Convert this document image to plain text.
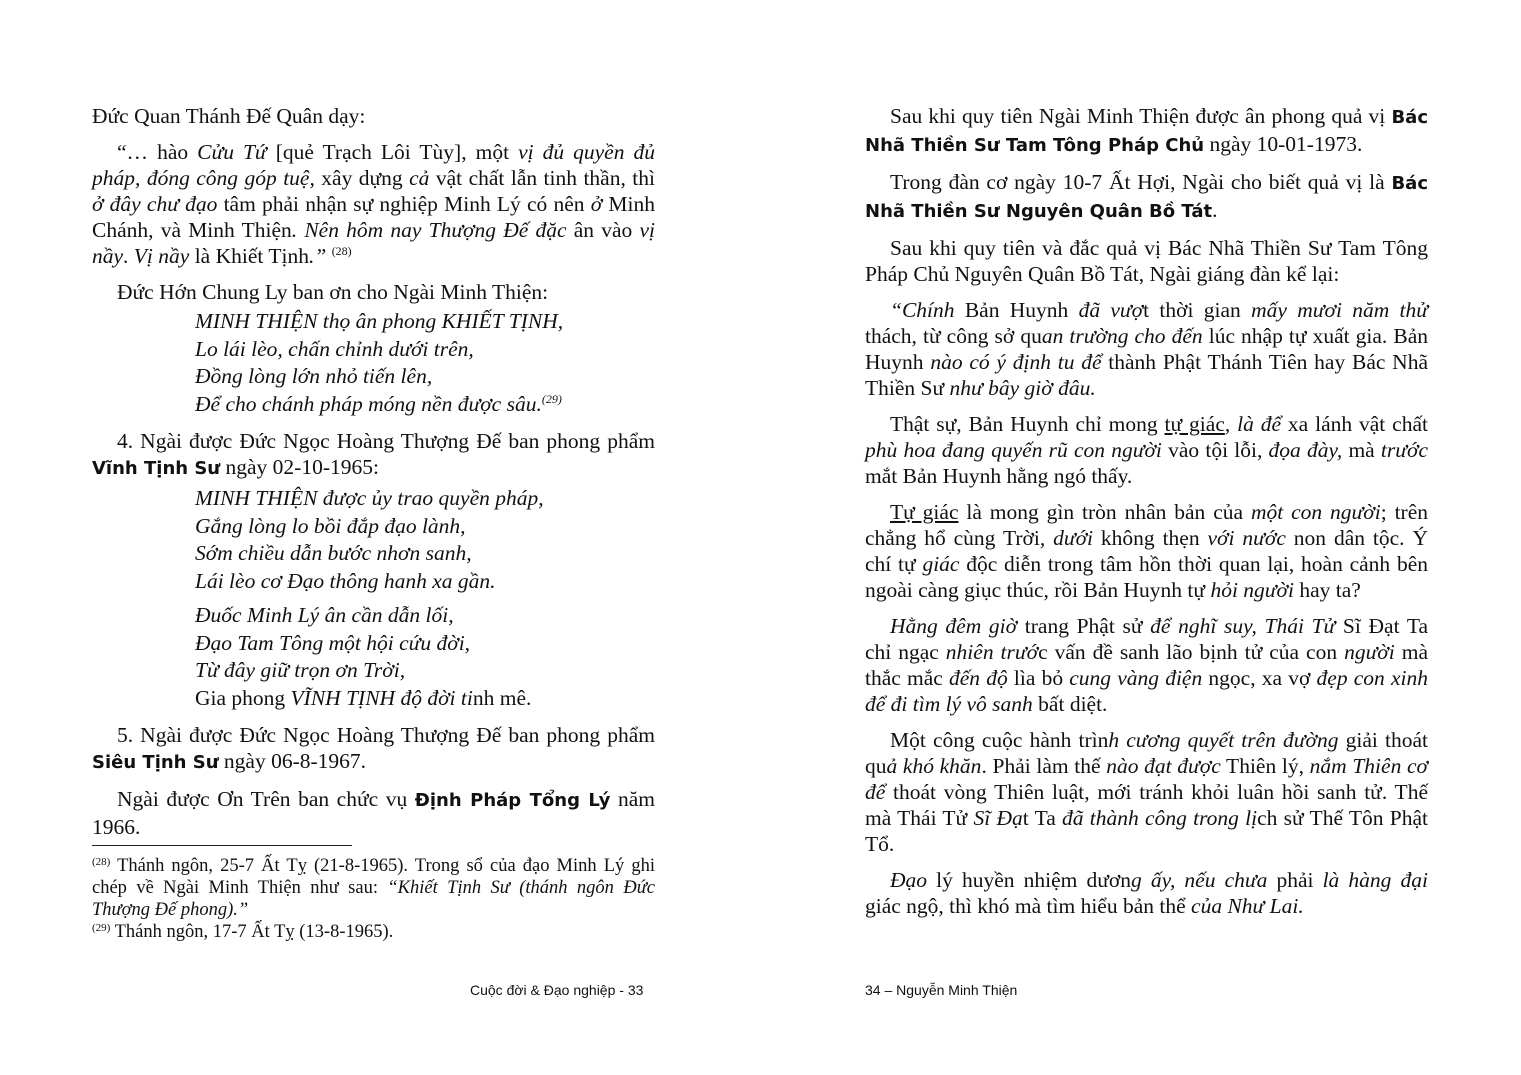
Đức Quan Thánh Đế Quân dạy:

“… hào Cửu Tứ [quẻ Trạch Lôi Tùy], một vị đủ quyền đủ pháp, đóng công góp tuệ, xây dựng cả vật chất lẫn tinh thần, thì ở đây chư đạo tâm phải nhận sự nghiệp Minh Lý có nên ở Minh Chánh, và Minh Thiện. Nên hôm nay Thượng Đế đặc ân vào vị nầy. Vị nầy là Khiết Tịnh.” $^{(28)}$

Đức Hớn Chung Ly ban ơn cho Ngài Minh Thiện:

MINH THIỆN thọ ân phong KHIẾT TỊNH,
Lo lái lèo, chấn chỉnh dưới trên,
Đồng lòng lớn nhỏ tiến lên,
Để cho chánh pháp móng nền được sâu.$^{(29)}$

4. Ngài được Đức Ngọc Hoàng Thượng Đế ban phong phẩm Vĩnh Tịnh Sư ngày 02-10-1965:

MINH THIỆN được ủy trao quyền pháp,
Gắng lòng lo bồi đắp đạo lành,
Sớm chiều dẫn bước nhơn sanh,
Lái lèo cơ Đạo thông hanh xa gần.
Đuốc Minh Lý ân cần dẫn lối,
Đạo Tam Tông một hội cứu đời,
Từ đây giữ trọn ơn Trời,
Gia phong VĨNH TỊNH độ đời tinh mê.

5. Ngài được Đức Ngọc Hoàng Thượng Đế ban phong phẩm Siêu Tịnh Sư ngày 06-8-1967.

Ngài được Ơn Trên ban chức vụ Định Pháp Tổng Lý năm 1966.

$^{(28)}$ Thánh ngôn, 25-7 Ất Tỵ (21-8-1965). Trong sổ của đạo Minh Lý ghi chép về Ngài Minh Thiện như sau: “Khiết Tịnh Sư (thánh ngôn Đức Thượng Đế phong).”

$^{(29)}$ Thánh ngôn, 17-7 Ất Tỵ (13-8-1965).

Sau khi quy tiên Ngài Minh Thiện được ân phong quả vị Bác Nhã Thiền Sư Tam Tông Pháp Chủ ngày 10-01-1973.

Trong đàn cơ ngày 10-7 Ất Hợi, Ngài cho biết quả vị là Bác Nhã Thiền Sư Nguyên Quân Bồ Tát.

Sau khi quy tiên và đắc quả vị Bác Nhã Thiền Sư Tam Tông Pháp Chủ Nguyên Quân Bồ Tát, Ngài giáng đàn kể lại:

“Chính Bản Huynh đã vượt thời gian mấy mươi năm thử thách, từ công sở quan trường cho đến lúc nhập tự xuất gia. Bản Huynh nào có ý định tu để thành Phật Thánh Tiên hay Bác Nhã Thiền Sư như bây giờ đâu.

Thật sự, Bản Huynh chỉ mong tự giác, là để xa lánh vật chất phù hoa đang quyến rũ con người vào tội lỗi, đọa đày, mà trước mắt Bản Huynh hằng ngó thấy.

Tự giác là mong gìn tròn nhân bản của một con người; trên chẳng hổ cùng Trời, dưới không thẹn với nước non dân tộc. Ý chí tự giác độc diễn trong tâm hồn thời quan lại, hoàn cảnh bên ngoài càng giục thúc, rồi Bản Huynh tự hỏi người hay ta?

Hằng đêm giờ trang Phật sử để nghĩ suy, Thái Tử Sĩ Đạt Ta chỉ ngạc nhiên trước vấn đề sanh lão bịnh tử của con người mà thắc mắc đến độ lìa bỏ cung vàng điện ngọc, xa vợ đẹp con xinh để đi tìm lý vô sanh bất diệt.

Một công cuộc hành trình cương quyết trên đường giải thoát quả khó khăn. Phải làm thế nào đạt được Thiên lý, nắm Thiên cơ để thoát vòng Thiên luật, mới tránh khỏi luân hồi sanh tử. Thế mà Thái Tử Sĩ Đạt Ta đã thành công trong lịch sử Thế Tôn Phật Tổ.

Đạo lý huyền nhiệm dương ấy, nếu chưa phải là hàng đại giác ngộ, thì khó mà tìm hiểu bản thể của Như Lai.

Cuộc đời & Đạo nghiệp - 33	34 – Nguyễn Minh Thiện
